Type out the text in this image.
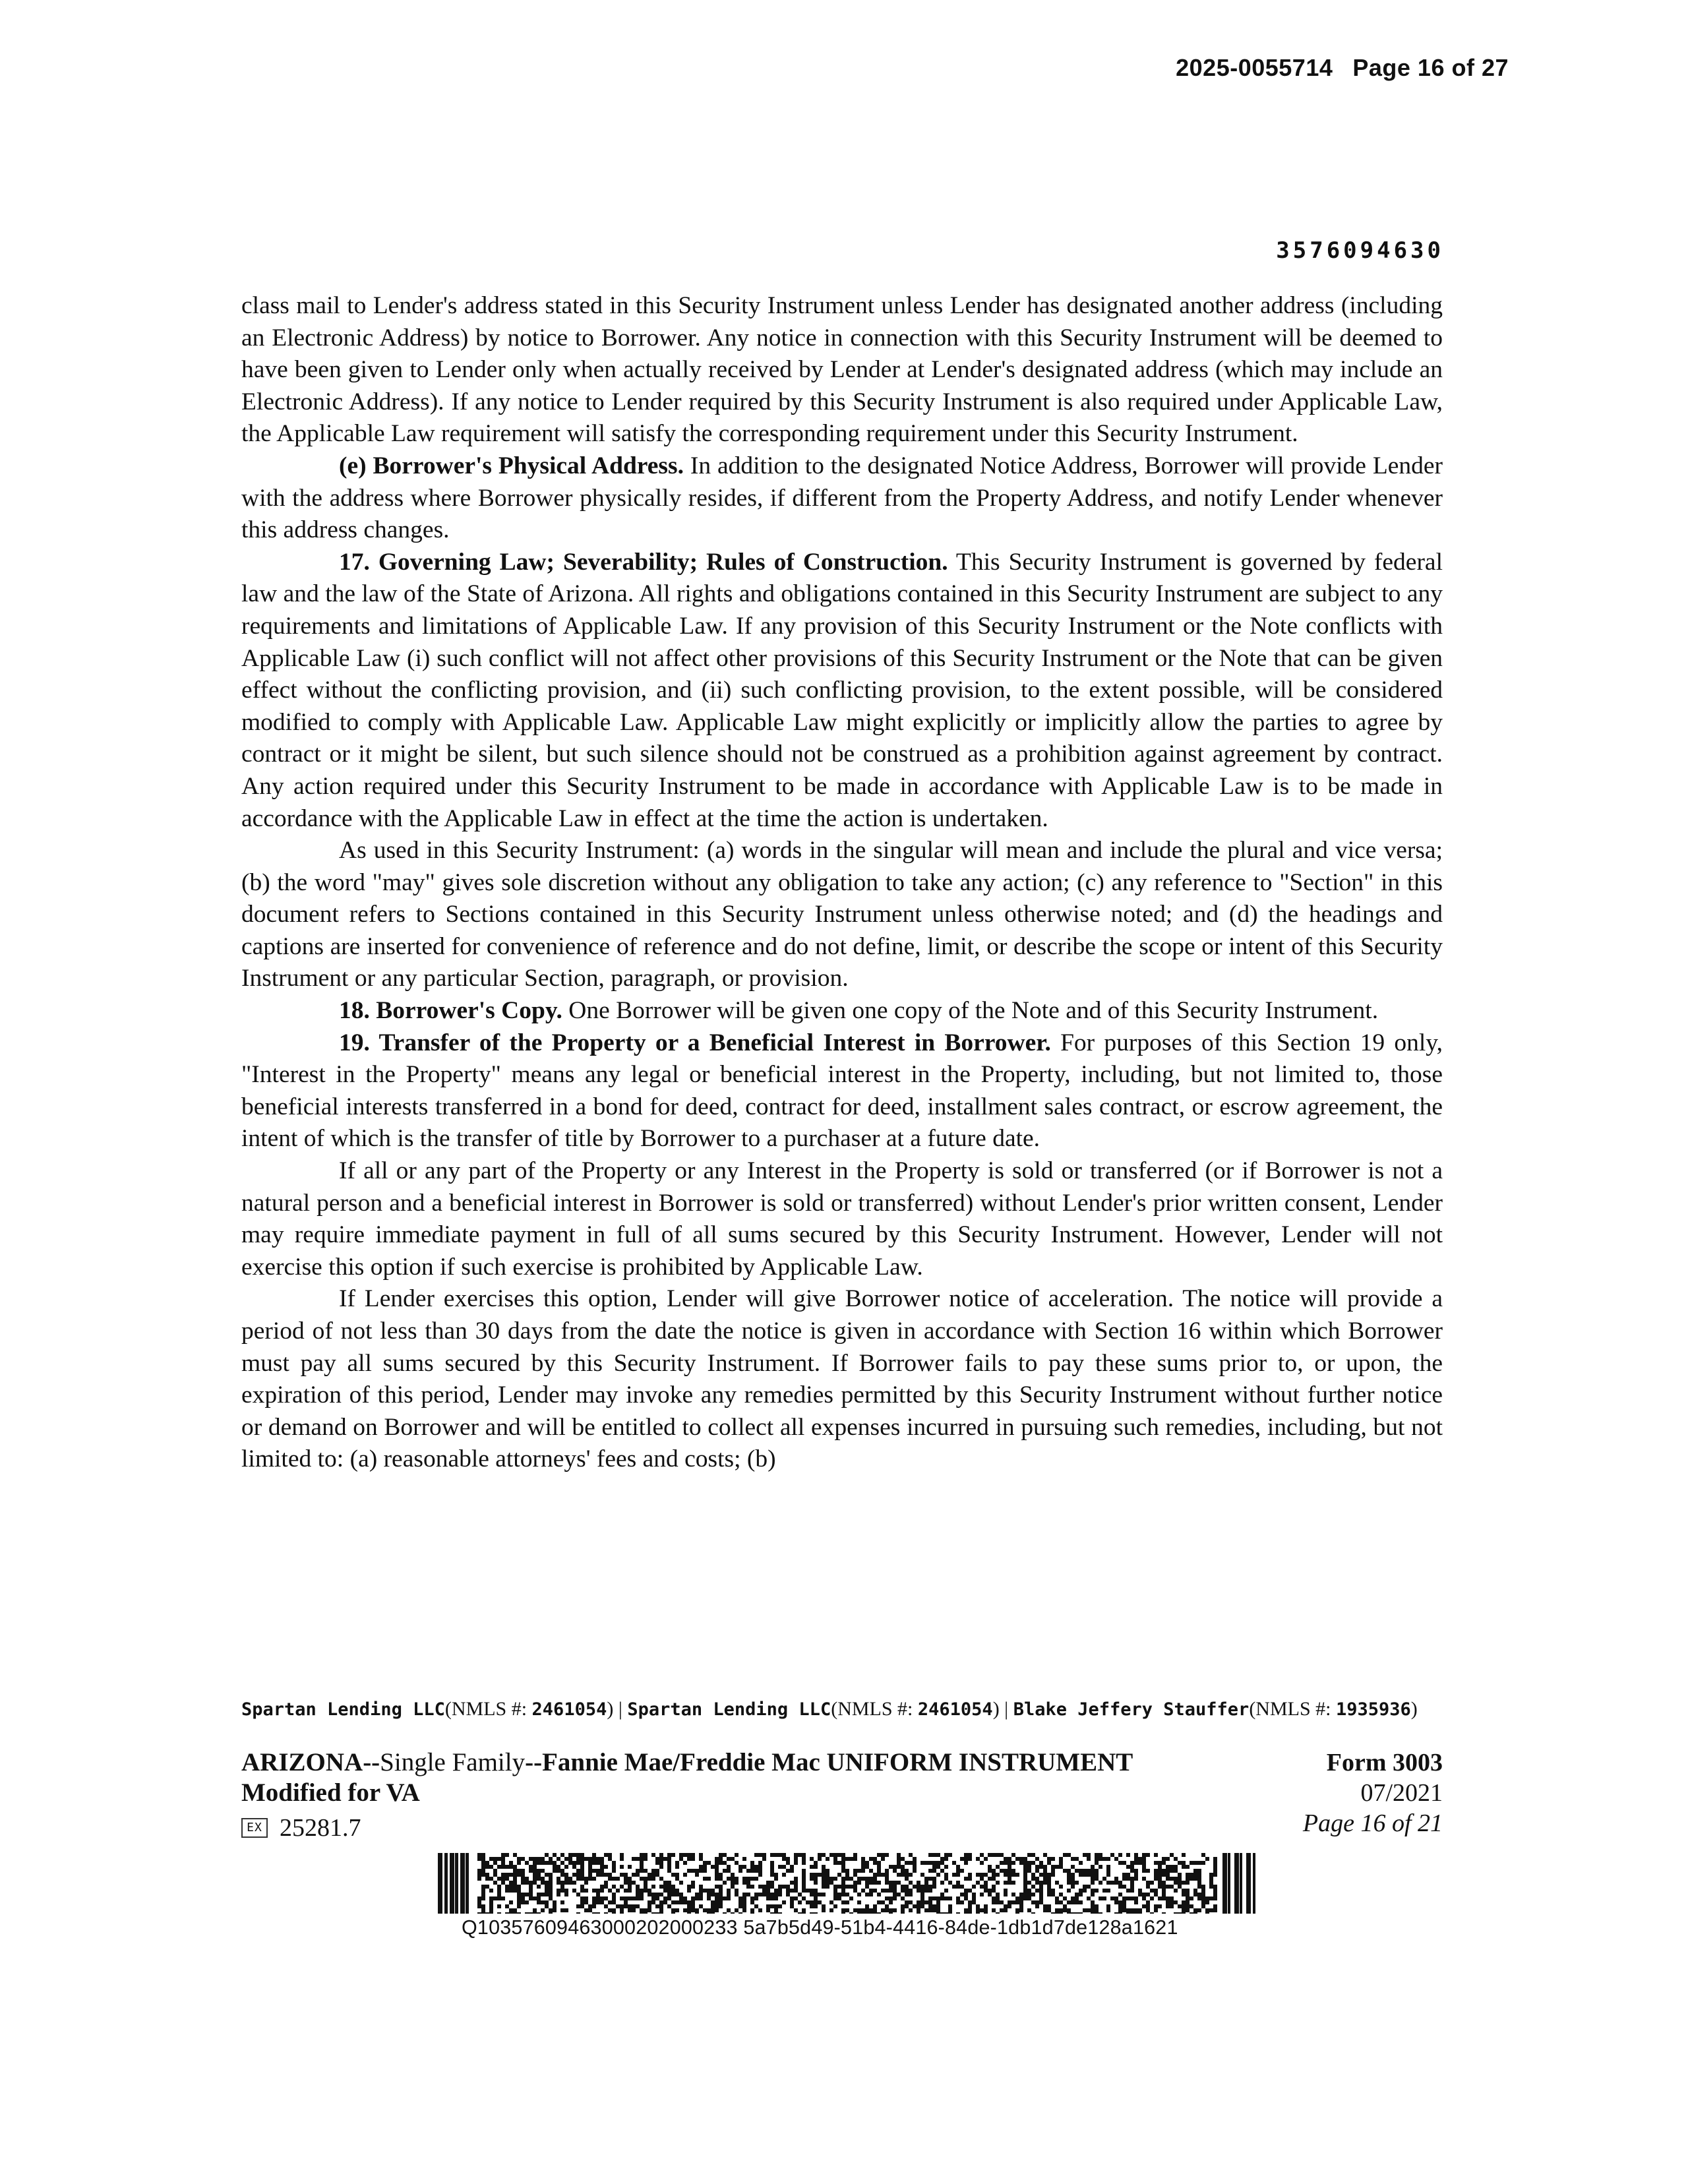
2025-0055714 Page 16 of 27
3576094630

class mail to Lender's address stated in this Security Instrument unless Lender has designated another address (including an Electronic Address) by notice to Borrower. Any notice in connection with this Security Instrument will be deemed to have been given to Lender only when actually received by Lender at Lender's designated address (which may include an Electronic Address). If any notice to Lender required by this Security Instrument is also required under Applicable Law, the Applicable Law requirement will satisfy the corresponding requirement under this Security Instrument.

(e) Borrower's Physical Address. In addition to the designated Notice Address, Borrower will provide Lender with the address where Borrower physically resides, if different from the Property Address, and notify Lender whenever this address changes.

17. Governing Law; Severability; Rules of Construction. This Security Instrument is governed by federal law and the law of the State of Arizona. All rights and obligations contained in this Security Instrument are subject to any requirements and limitations of Applicable Law. If any provision of this Security Instrument or the Note conflicts with Applicable Law (i) such conflict will not affect other provisions of this Security Instrument or the Note that can be given effect without the conflicting provision, and (ii) such conflicting provision, to the extent possible, will be considered modified to comply with Applicable Law. Applicable Law might explicitly or implicitly allow the parties to agree by contract or it might be silent, but such silence should not be construed as a prohibition against agreement by contract. Any action required under this Security Instrument to be made in accordance with Applicable Law is to be made in accordance with the Applicable Law in effect at the time the action is undertaken.

As used in this Security Instrument: (a) words in the singular will mean and include the plural and vice versa; (b) the word "may" gives sole discretion without any obligation to take any action; (c) any reference to "Section" in this document refers to Sections contained in this Security Instrument unless otherwise noted; and (d) the headings and captions are inserted for convenience of reference and do not define, limit, or describe the scope or intent of this Security Instrument or any particular Section, paragraph, or provision.

18. Borrower's Copy. One Borrower will be given one copy of the Note and of this Security Instrument.

19. Transfer of the Property or a Beneficial Interest in Borrower. For purposes of this Section 19 only, "Interest in the Property" means any legal or beneficial interest in the Property, including, but not limited to, those beneficial interests transferred in a bond for deed, contract for deed, installment sales contract, or escrow agreement, the intent of which is the transfer of title by Borrower to a purchaser at a future date.

If all or any part of the Property or any Interest in the Property is sold or transferred (or if Borrower is not a natural person and a beneficial interest in Borrower is sold or transferred) without Lender's prior written consent, Lender may require immediate payment in full of all sums secured by this Security Instrument. However, Lender will not exercise this option if such exercise is prohibited by Applicable Law.

If Lender exercises this option, Lender will give Borrower notice of acceleration. The notice will provide a period of not less than 30 days from the date the notice is given in accordance with Section 16 within which Borrower must pay all sums secured by this Security Instrument. If Borrower fails to pay these sums prior to, or upon, the expiration of this period, Lender may invoke any remedies permitted by this Security Instrument without further notice or demand on Borrower and will be entitled to collect all expenses incurred in pursuing such remedies, including, but not limited to: (a) reasonable attorneys' fees and costs; (b)

Spartan Lending LLC(NMLS #: 2461054) | Spartan Lending LLC(NMLS #: 2461054) | Blake Jeffery Stauffer(NMLS #: 1935936)
ARIZONA--Single Family--Fannie Mae/Freddie Mac UNIFORM INSTRUMENT	Form 3003
Modified for VA	07/2021
EX 25281.7	Page 16 of 21
Q10357609463000202000233 5a7b5d49-51b4-4416-84de-1db1d7de128a1621
